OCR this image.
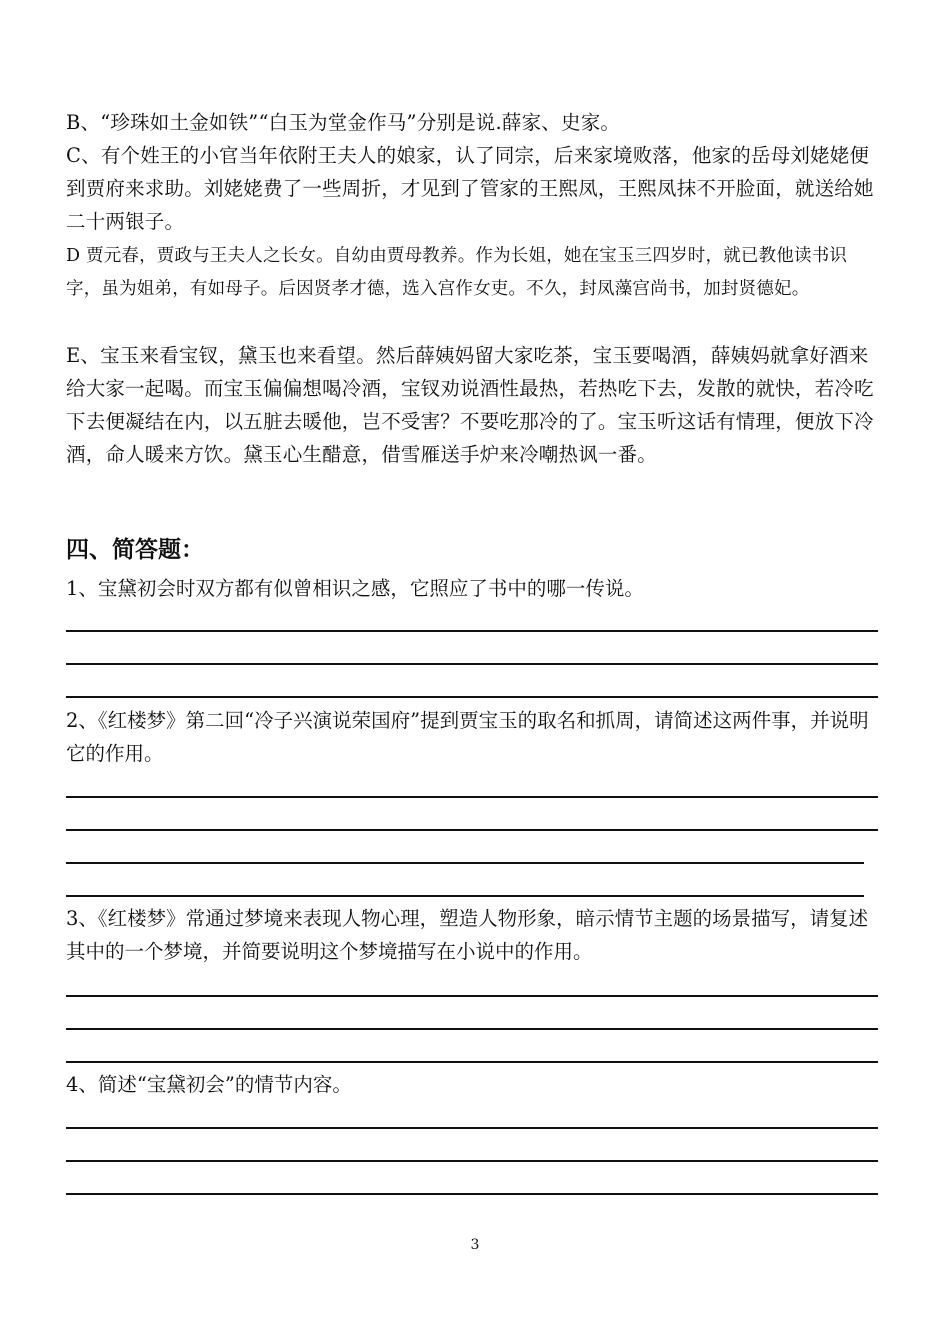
B、“珍珠如土金如铁”“白玉为堂金作马”分别是说.薛家、史家。

C、有个姓王的小官当年依附王夫人的娘家，认了同宗，后来家境败落，他家的岳母刘姥姥便到贾府来求助。刘姥姥费了一些周折，才见到了管家的王熙凤，王熙凤抹不开脸面，就送给她二十两银子。

D 贾元春，贾政与王夫人之长女。自幼由贾母教养。作为长姐，她在宝玉三四岁时，就已教他读书识字，虽为姐弟，有如母子。后因贤孝才德，选入宫作女吏。不久，封凤藻宫尚书，加封贤德妃。

E、宝玉来看宝钗，黛玉也来看望。然后薛姨妈留大家吃茶，宝玉要喝酒，薛姨妈就拿好酒来给大家一起喝。而宝玉偏偏想喝冷酒，宝钗劝说酒性最热，若热吃下去，发散的就快，若冷吃下去便凝结在内，以五脏去暖他，岂不受害？不要吃那冷的了。宝玉听这话有情理，便放下冷酒，命人暖来方饮。黛玉心生醋意，借雪雁送手炉来冷嘲热讽一番。

四、简答题：

1、宝黛初会时双方都有似曾相识之感，它照应了书中的哪一传说。

2、《红楼梦》第二回“冷子兴演说荣国府”提到贾宝玉的取名和抓周，请简述这两件事，并说明它的作用。

3、《红楼梦》常通过梦境来表现人物心理，塑造人物形象，暗示情节主题的场景描写，请复述其中的一个梦境，并简要说明这个梦境描写在小说中的作用。

4、简述“宝黛初会”的情节内容。

3
